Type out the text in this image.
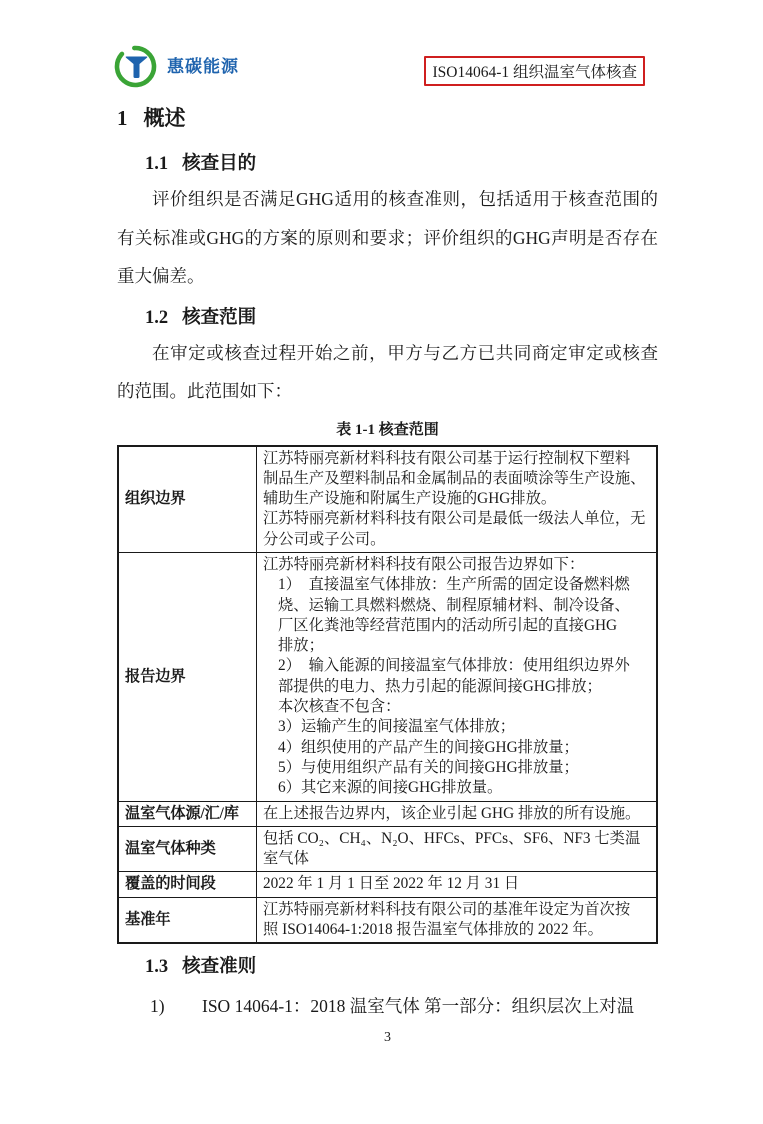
惠碳能源	ISO14064-1 组织温室气体核查
1 概述
1.1 核查目的
评价组织是否满足GHG适用的核查准则，包括适用于核查范围的有关标准或GHG的方案的原则和要求；评价组织的GHG声明是否存在重大偏差。
1.2 核查范围
在审定或核查过程开始之前，甲方与乙方已共同商定审定或核查的范围。此范围如下：
表 1-1 核查范围
组织边界	江苏特丽亮新材料科技有限公司基于运行控制权下塑料
制品生产及塑料制品和金属制品的表面喷涂等生产设施、
辅助生产设施和附属生产设施的GHG排放。
江苏特丽亮新材料科技有限公司是最低一级法人单位，无
分公司或子公司。

报告边界	
江苏特丽亮新材料科技有限公司报告边界如下：
1） 直接温室气体排放：生产所需的固定设备燃料燃
烧、运输工具燃料燃烧、制程原辅材料、制冷设备、
厂区化粪池等经营范围内的活动所引起的直接GHG
排放；
2） 输入能源的间接温室气体排放：使用组织边界外
部提供的电力、热力引起的能源间接GHG排放；
本次核查不包含：
3）运输产生的间接温室气体排放；
4）组织使用的产品产生的间接GHG排放量；
5）与使用组织产品有关的间接GHG排放量；
6）其它来源的间接GHG排放量。

温室气体源/汇/库	在上述报告边界内，该企业引起 GHG 排放的所有设施。

温室气体种类	包括 CO₂、CH₄、N₂O、HFCs、PFCs、SF6、NF3 七类温
室气体

覆盖的时间段	2022 年 1 月 1 日至 2022 年 12 月 31 日

基准年	江苏特丽亮新材料科技有限公司的基准年设定为首次按
照 ISO14064-1:2018 报告温室气体排放的 2022 年。
1.3 核查准则
1)	ISO 14064-1：2018 温室气体 第一部分：组织层次上对温
3
